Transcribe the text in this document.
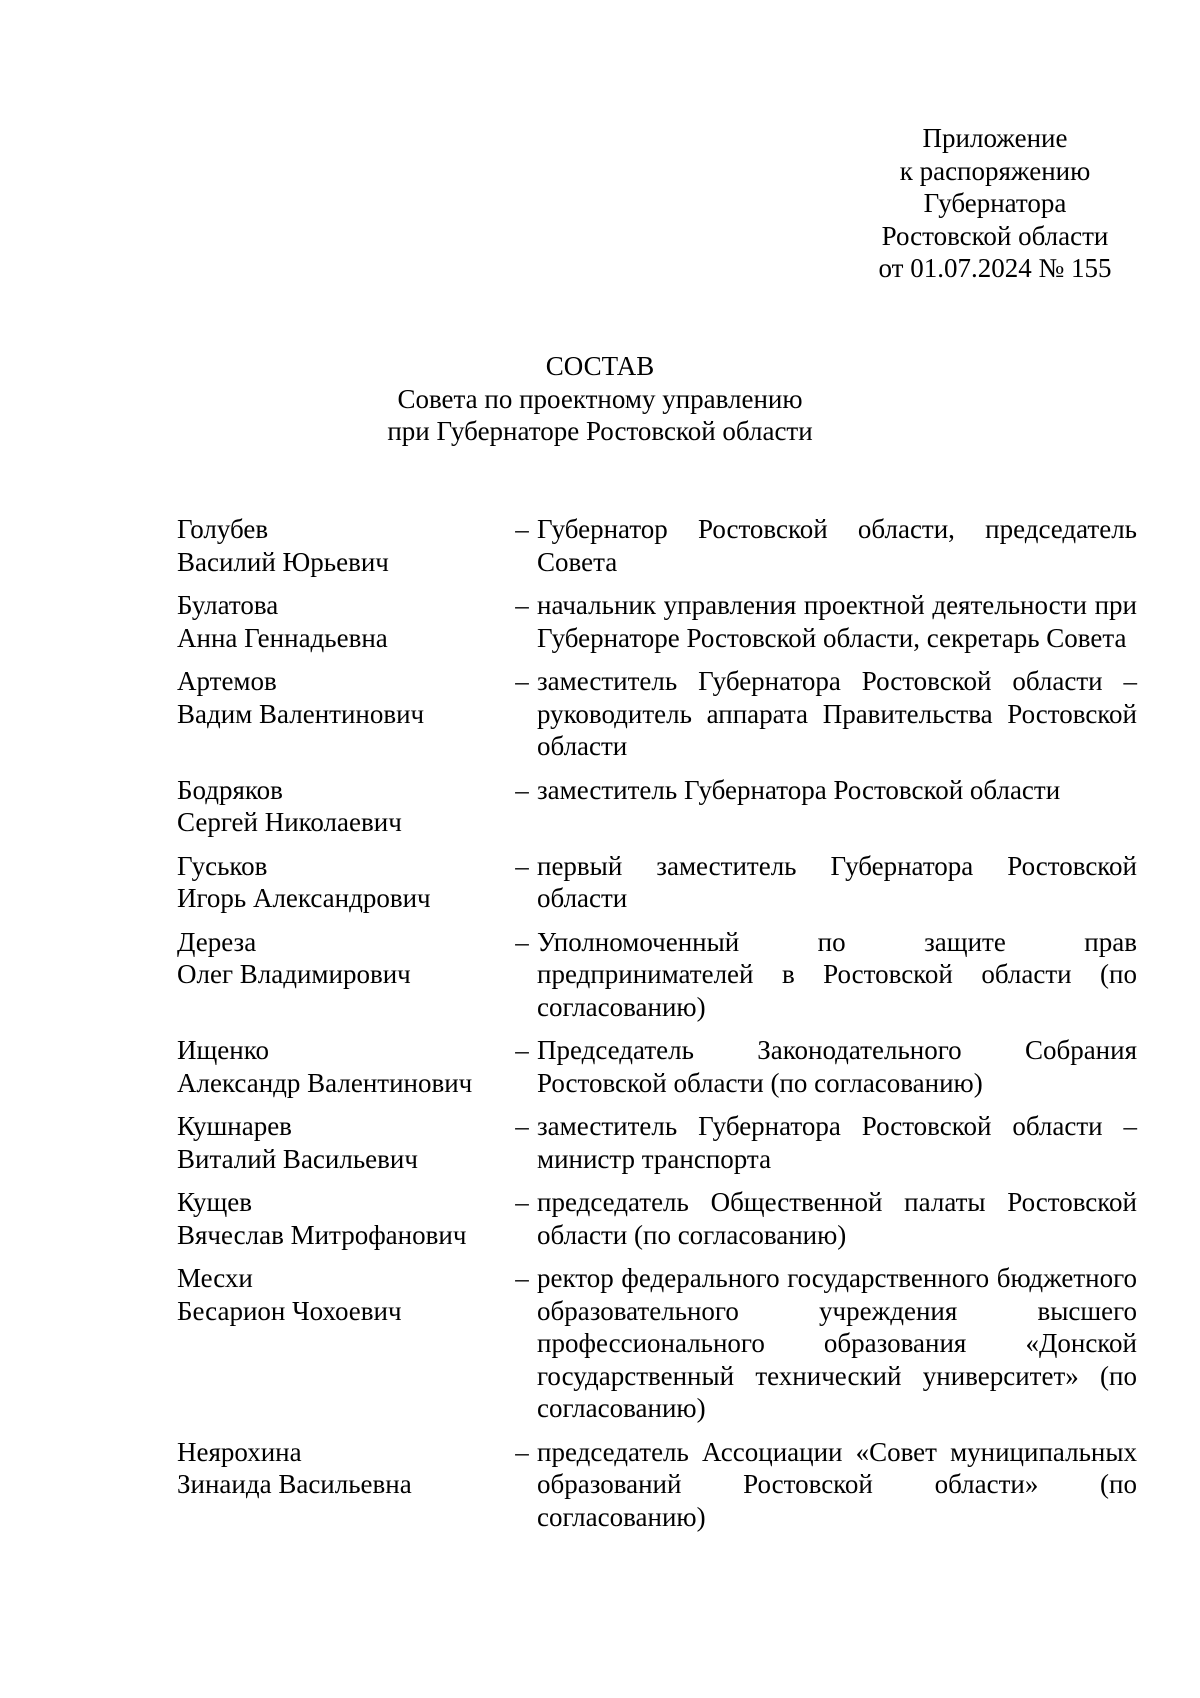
Приложение
к распоряжению
Губернатора
Ростовской области
от 01.07.2024 № 155
СОСТАВ
Совета по проектному управлению
при Губернаторе Ростовской области
Голубев
Василий Юрьевич
– Губернатор Ростовской области, председатель Совета
Булатова
Анна Геннадьевна
– начальник управления проектной деятельности при Губернаторе Ростовской области, секретарь Совета
Артемов
Вадим Валентинович
– заместитель Губернатора Ростовской области – руководитель аппарата Правительства Ростовской области
Бодряков
Сергей Николаевич
– заместитель Губернатора Ростовской области
Гуськов
Игорь Александрович
– первый заместитель Губернатора Ростовской области
Дереза
Олег Владимирович
– Уполномоченный по защите прав предпринимателей в Ростовской области (по согласованию)
Ищенко
Александр Валентинович
– Председатель Законодательного Собрания Ростовской области (по согласованию)
Кушнарев
Виталий Васильевич
– заместитель Губернатора Ростовской области – министр транспорта
Кущев
Вячеслав Митрофанович
– председатель Общественной палаты Ростовской области (по согласованию)
Месхи
Бесарион Чохоевич
– ректор федерального государственного бюджетного образовательного учреждения высшего профессионального образования «Донской государственный технический университет» (по согласованию)
Неярохина
Зинаида Васильевна
– председатель Ассоциации «Совет муниципальных образований Ростовской области» (по согласованию)
